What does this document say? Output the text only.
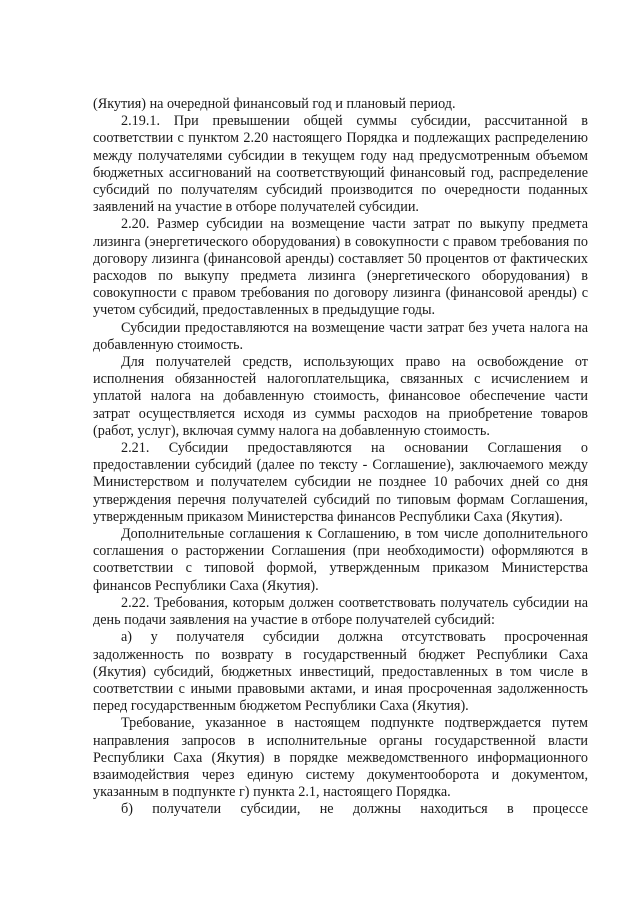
(Якутия) на очередной финансовый год и плановый период.

2.19.1. При превышении общей суммы субсидии, рассчитанной в соответствии с пунктом 2.20 настоящего Порядка и подлежащих распределению между получателями субсидии в текущем году над предусмотренным объемом бюджетных ассигнований на соответствующий финансовый год, распределение субсидий по получателям субсидий производится по очередности поданных заявлений на участие в отборе получателей субсидии.

2.20. Размер субсидии на возмещение части затрат по выкупу предмета лизинга (энергетического оборудования) в совокупности с правом требования по договору лизинга (финансовой аренды) составляет 50 процентов от фактических расходов по выкупу предмета лизинга (энергетического оборудования) в совокупности с правом требования по договору лизинга (финансовой аренды) с учетом субсидий, предоставленных в предыдущие годы.

Субсидии предоставляются на возмещение части затрат без учета налога на добавленную стоимость.

Для получателей средств, использующих право на освобождение от исполнения обязанностей налогоплательщика, связанных с исчислением и уплатой налога на добавленную стоимость, финансовое обеспечение части затрат осуществляется исходя из суммы расходов на приобретение товаров (работ, услуг), включая сумму налога на добавленную стоимость.

2.21. Субсидии предоставляются на основании Соглашения о предоставлении субсидий (далее по тексту - Соглашение), заключаемого между Министерством и получателем субсидии не позднее 10 рабочих дней со дня утверждения перечня получателей субсидий по типовым формам Соглашения, утвержденным приказом Министерства финансов Республики Саха (Якутия).

Дополнительные соглашения к Соглашению, в том числе дополнительного соглашения о расторжении Соглашения (при необходимости) оформляются в соответствии с типовой формой, утвержденным приказом Министерства финансов Республики Саха (Якутия).

2.22. Требования, которым должен соответствовать получатель субсидии на день подачи заявления на участие в отборе получателей субсидий:

а) у получателя субсидии должна отсутствовать просроченная задолженность по возврату в государственный бюджет Республики Саха (Якутия) субсидий, бюджетных инвестиций, предоставленных в том числе в соответствии с иными правовыми актами, и иная просроченная задолженность перед государственным бюджетом Республики Саха (Якутия).

Требование, указанное в настоящем подпункте подтверждается путем направления запросов в исполнительные органы государственной власти Республики Саха (Якутия) в порядке межведомственного информационного взаимодействия через единую систему документооборота и документом, указанным в подпункте г) пункта 2.1, настоящего Порядка.

б) получатели субсидии, не должны находиться в процессе
